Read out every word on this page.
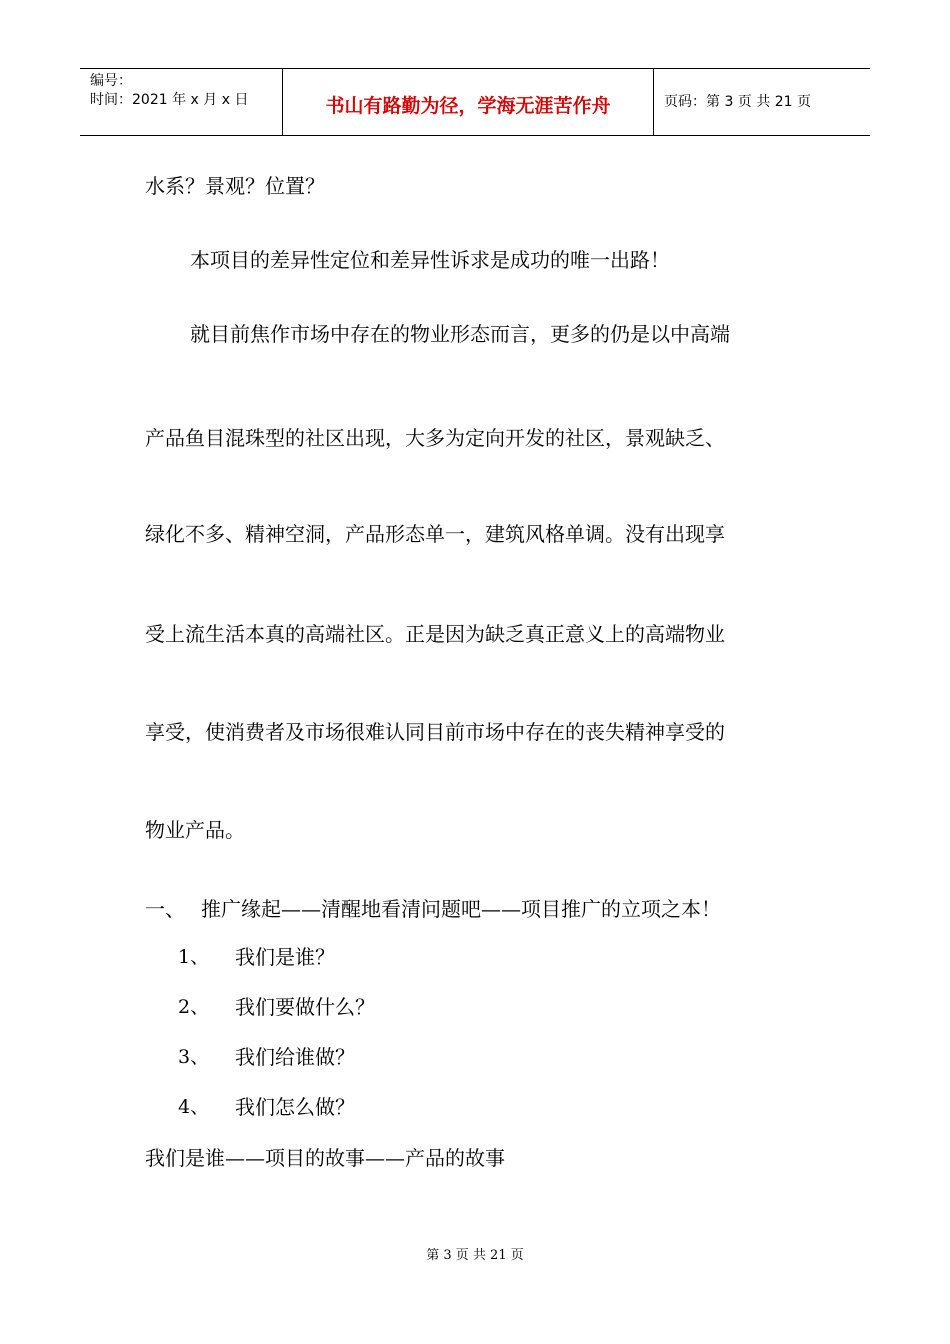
编号：
时间：2021 年 x 月 x 日	书山有路勤为径，学海无涯苦作舟	页码：第 3 页 共 21 页
水系？景观？位置？
本项目的差异性定位和差异性诉求是成功的唯一出路！
就目前焦作市场中存在的物业形态而言，更多的仍是以中高端
产品鱼目混珠型的社区出现，大多为定向开发的社区，景观缺乏、
绿化不多、精神空洞，产品形态单一，建筑风格单调。没有出现享
受上流生活本真的高端社区。正是因为缺乏真正意义上的高端物业
享受，使消费者及市场很难认同目前市场中存在的丧失精神享受的
物业产品。
一、 推广缘起——清醒地看清问题吧——项目推广的立项之本！
1、 我们是谁？
2、 我们要做什么？
3、 我们给谁做？
4、 我们怎么做？
我们是谁——项目的故事——产品的故事
第 3 页 共 21 页
